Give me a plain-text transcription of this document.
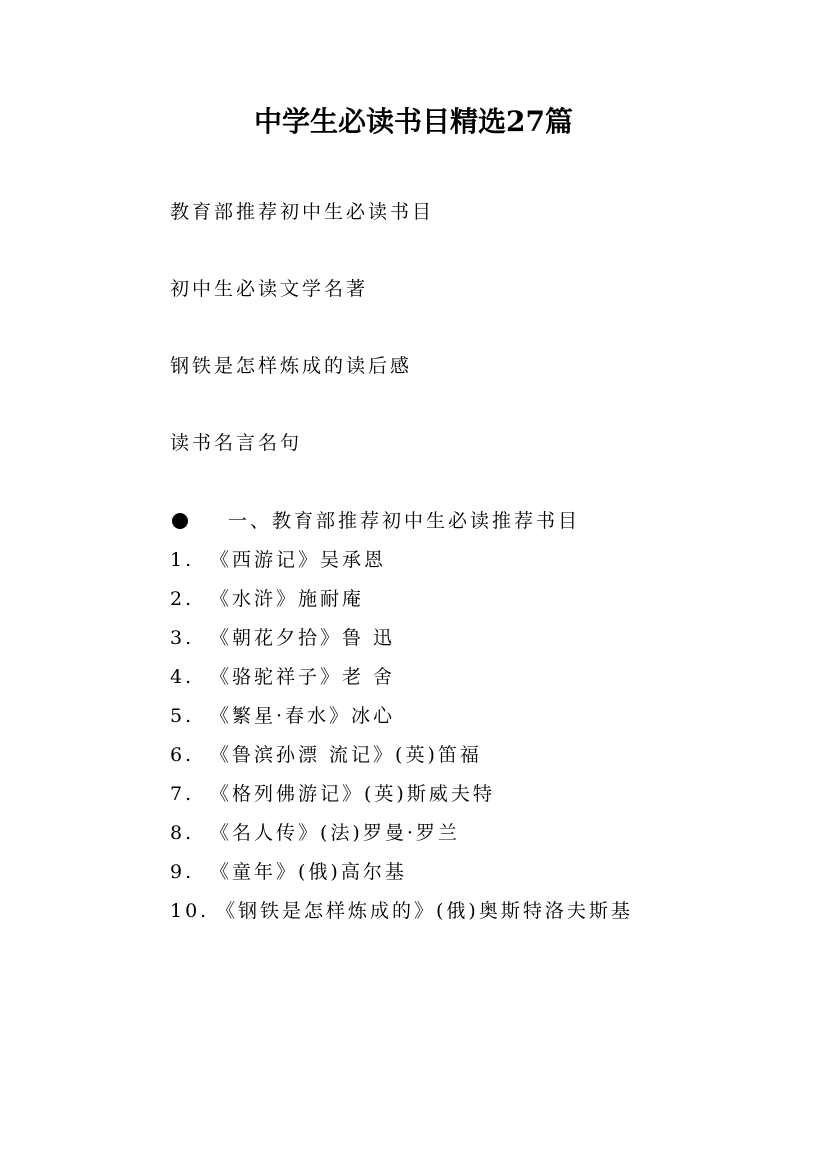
中学生必读书目精选27篇
教育部推荐初中生必读书目
初中生必读文学名著
钢铁是怎样炼成的读后感
读书名言名句
一、教育部推荐初中生必读推荐书目
1. 《西游记》吴承恩
2. 《水浒》施耐庵
3. 《朝花夕拾》鲁 迅
4. 《骆驼祥子》老 舍
5. 《繁星·春水》冰心
6. 《鲁滨孙漂 流记》(英)笛福
7. 《格列佛游记》(英)斯威夫特
8. 《名人传》(法)罗曼·罗兰
9. 《童年》(俄)高尔基
10. 《钢铁是怎样炼成的》(俄)奥斯特洛夫斯基
